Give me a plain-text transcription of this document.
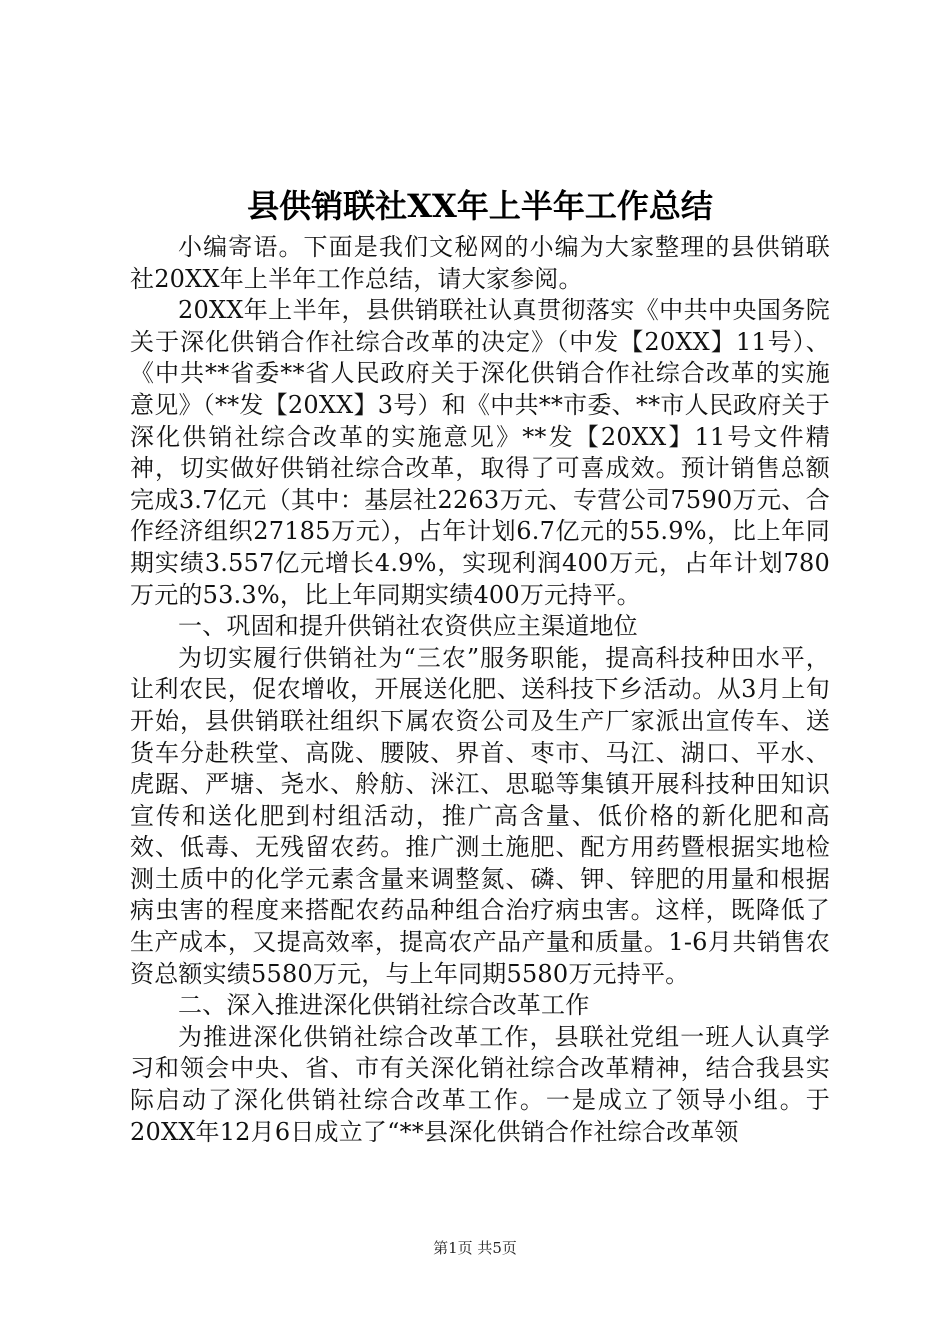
县供销联社XX年上半年工作总结

小编寄语。下面是我们文秘网的小编为大家整理的县供销联社20XX年上半年工作总结，请大家参阅。

20XX年上半年，县供销联社认真贯彻落实《中共中央国务院关于深化供销合作社综合改革的决定》（中发【20XX】11号）、《中共**省委**省人民政府关于深化供销合作社综合改革的实施意见》（**发【20XX】3号）和《中共**市委、**市人民政府关于深化供销社综合改革的实施意见》**发【20XX】11号文件精神，切实做好供销社综合改革，取得了可喜成效。预计销售总额完成3.7亿元（其中：基层社2263万元、专营公司7590万元、合作经济组织27185万元），占年计划6.7亿元的55.9%，比上年同期实绩3.557亿元增长4.9%，实现利润400万元，占年计划780万元的53.3%，比上年同期实绩400万元持平。

一、巩固和提升供销社农资供应主渠道地位

为切实履行供销社为“三农”服务职能，提高科技种田水平，让利农民，促农增收，开展送化肥、送科技下乡活动。从3月上旬开始，县供销联社组织下属农资公司及生产厂家派出宣传车、送货车分赴秩堂、高陇、腰陂、界首、枣市、马江、湖口、平水、虎踞、严塘、尧水、舲舫、洣江、思聪等集镇开展科技种田知识宣传和送化肥到村组活动，推广高含量、低价格的新化肥和高效、低毒、无残留农药。推广测土施肥、配方用药暨根据实地检测土质中的化学元素含量来调整氮、磷、钾、锌肥的用量和根据病虫害的程度来搭配农药品种组合治疗病虫害。这样，既降低了生产成本，又提高效率，提高农产品产量和质量。1-6月共销售农资总额实绩5580万元，与上年同期5580万元持平。

二、深入推进深化供销社综合改革工作

为推进深化供销社综合改革工作，县联社党组一班人认真学习和领会中央、省、市有关深化销社综合改革精神，结合我县实际启动了深化供销社综合改革工作。一是成立了领导小组。于20XX年12月6日成立了“**县深化供销合作社综合改革领

第1页 共5页
